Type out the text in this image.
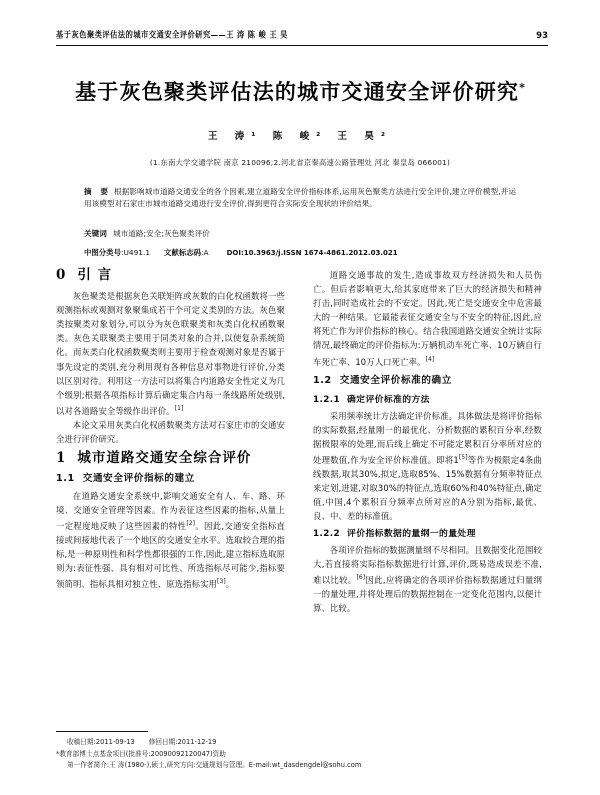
基于灰色聚类评估法的城市交通安全评价研究——王 涛 陈 峻 王 昊	93
基于灰色聚类评估法的城市交通安全评价研究*
王 涛¹ 陈 峻² 王 昊²
(1.东南大学交通学院 南京 210096;2.河北省京秦高速公路管理处 河北 秦皇岛 066001)
摘 要 根据影响城市道路交通安全的各个因素,建立道路安全评价指标体系,运用灰色聚类方法进行安全评价,建立评价模型,并运用该模型对石家庄市城市道路交通进行安全评价,得到更符合实际安全现状的评价结果。
关键词 城市道路;安全;灰色聚类评价
中图分类号:U491.1 文献标志码:A	DOI:10.3963/j.ISSN 1674-4861.2012.03.021
0 引 言

灰色聚类是根据灰色关联矩阵或灰数的白化权函数将一些观测指标或观测对象聚集成若干个可定义类别的方法。灰色聚类按聚类对象划分,可以分为灰色联聚类和灰类白化权函数聚类。灰色关联聚类主要用于同类对象的合并,以使复杂系统简化。而灰类白化权函数聚类则主要用于检查观测对象是否属于事先设定的类别,充分利用现有各种信息对事物进行评价,分类以区别对待。利用这一方法可以将集合内道路安全性定义为几个级别;根据各项指标计算后确定集合内每一条线路所处级别,以对各道路安全等级作出评价。[1]

本论文采用灰类白化权函数聚类方法对石家庄市的交通安全进行评价研究。

1 城市道路交通安全综合评价
1.1 交通安全评价指标的建立

在道路交通安全系统中,影响交通安全有人、车、路、环境、交通安全管理等因素。作为表征这些因素的指标,从量上一定程度地反映了这些因素的特性[2]。因此,交通安全指标直接或间接地代表了一个地区的交通安全水平。选取较合理的指标,是一种原则性和科学性都很强的工作,因此,建立指标选取原则为:表征性强、具有相对可比性、所选指标尽可能少,指标要领简明、指标具相对独立性、原选指标实用[3]。

道路交通事故的发生,造成事故双方经济损失和人员伤亡。但后者影响更大,给其家庭带来了巨大的经济损失和精神打击,同时造成社会的不安定。因此,死亡是交通安全中危害最大的一种结果。它最能表征交通安全与不安全的特征,因此,应将死亡作为评价指标的核心。结合我国道路交通安全统计实际情况,最终确定的评价指标为:万辆机动车死亡率、10万辆自行车死亡率、10万人口死亡率。[4]

1.2 交通安全评价标准的确立
1.2.1 确定评价标准的方法

采用频率统计方法确定评价标准。具体做法是将评价指标的实际数据,经量刚一的最优化、分析数据的累积百分率,经数据极限率的处理,而后线上确定不可能定累积百分率所对应的处理数值,作为安全评价标准值。即将1[5]等作为极限定4条曲线数据,取其30%,拟定,选取85%、15%数据有分频率特征点来定划,进建,对取30%的特征点,选取60%和40%特征点,确定值,中国,4个累积百分频率点所对应的A分别为指标,最优、良、中、差的标准值。

1.2.2 评价指标数据的量纲一的量处理

各项评价指标的数据测量纲不尽相同。且数据变化范围较大,若直接将实际指标数据进行计算,评价,既易造成误差不准,难以比较。[6]因此,应将确定的各项评价指标数据通过归量纲一的量处理,并将处理后的数据控制在一定变化范围内,以便计算、比较。

收稿日期:2011-09-13 修回日期:2011-12-19
*教育部博士点基金项目(批准号:20090092120047)资助
第一作者简介:王 涛(1980-),硕士,研究方向:交通规划与管理。E-mail:wt_dasdengdel@sohu.com
